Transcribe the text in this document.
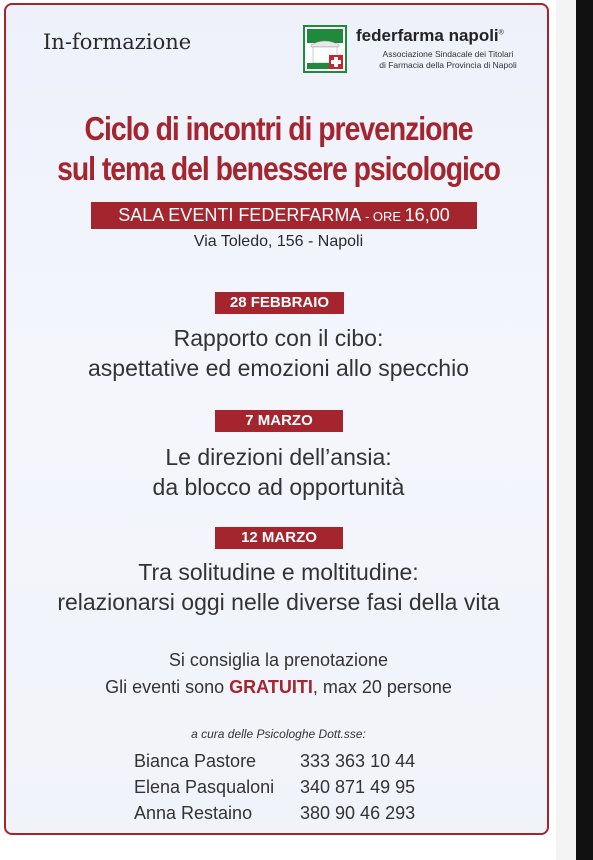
In-formazione	federfarma napoli®
Associazione Sindacale dei Titolari
di Farmacia della Provincia di Napoli
Ciclo di incontri di prevenzione
sul tema del benessere psicologico
SALA EVENTI FEDERFARMA - ORE 16,00
Via Toledo, 156 - Napoli
28 FEBBRAIO
Rapporto con il cibo:
aspettative ed emozioni allo specchio
7 MARZO
Le direzioni dell’ansia:
da blocco ad opportunità
12 MARZO
Tra solitudine e moltitudine:
relazionarsi oggi nelle diverse fasi della vita
Si consiglia la prenotazione
Gli eventi sono GRATUITI, max 20 persone
a cura delle Psicologhe Dott.sse:
Bianca Pastore 333 363 10 44
Elena Pasqualoni 340 871 49 95
Anna Restaino	380 90 46 293
